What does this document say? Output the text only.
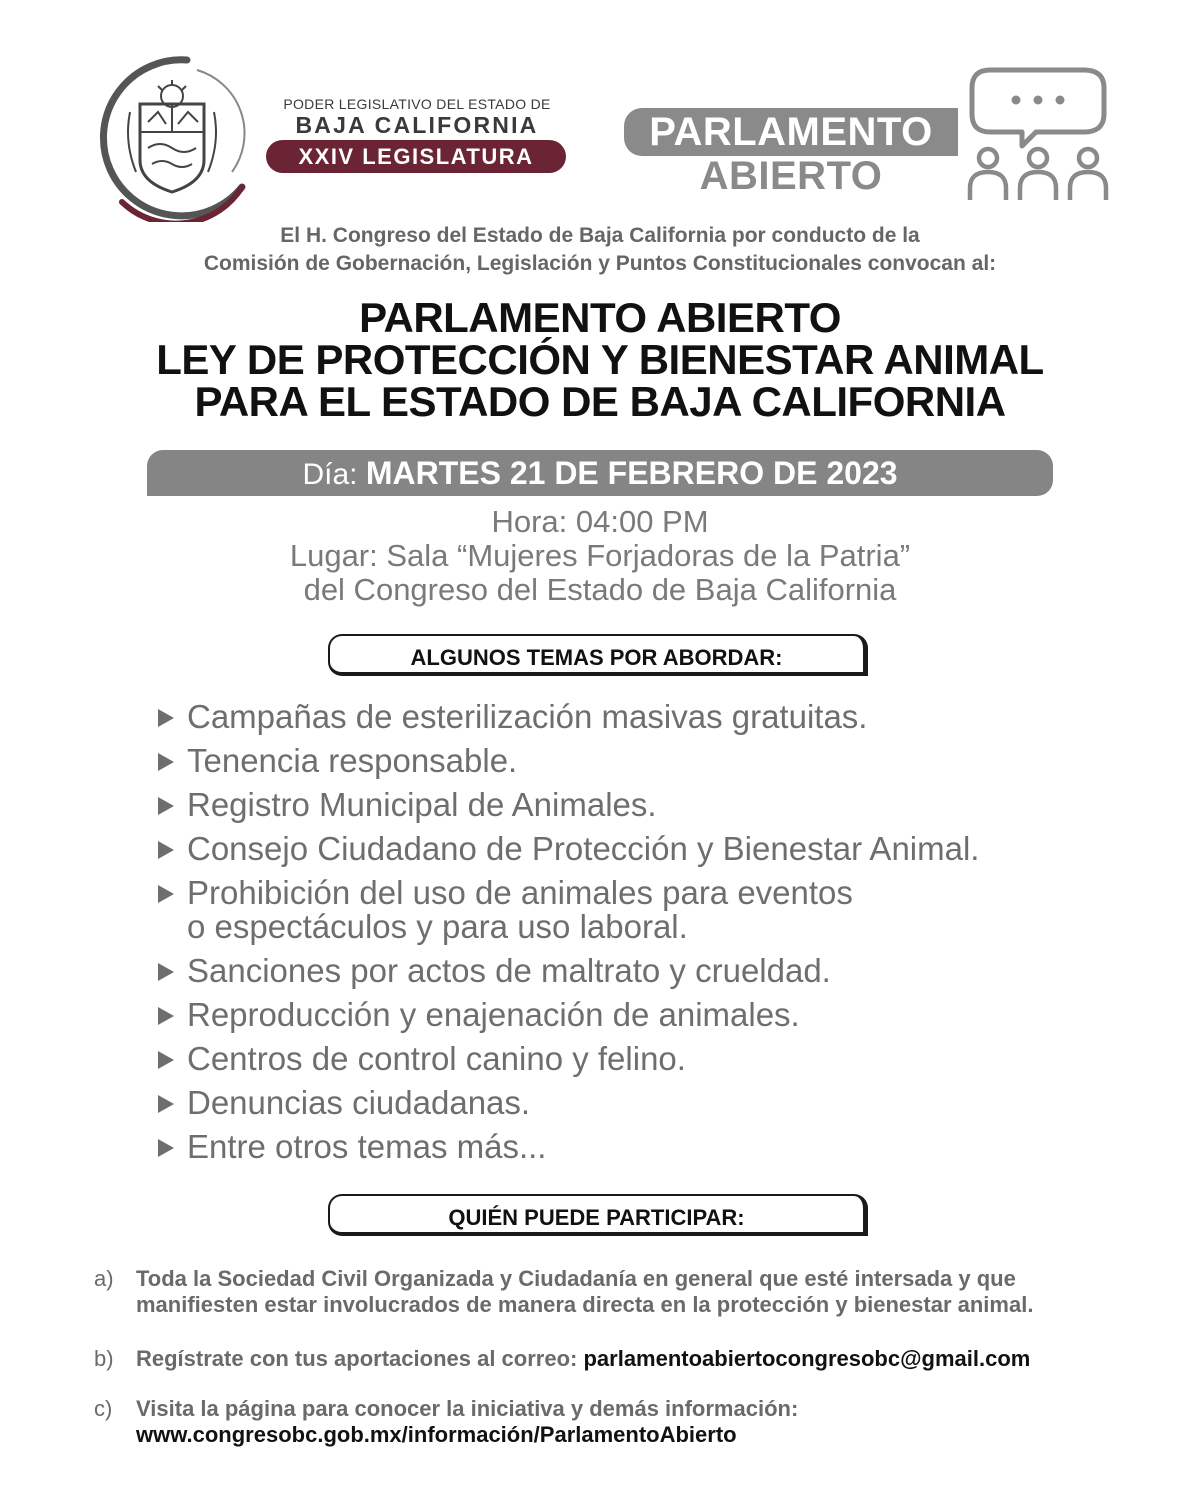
PODER LEGISLATIVO DEL ESTADO DE
BAJA CALIFORNIA
XXIV LEGISLATURA
PARLAMENTO
ABIERTO
El H. Congreso del Estado de Baja California por conducto de la
Comisión de Gobernación, Legislación y Puntos Constitucionales convocan al:
PARLAMENTO ABIERTO
LEY DE PROTECCIÓN Y BIENESTAR ANIMAL
PARA EL ESTADO DE BAJA CALIFORNIA
Día: MARTES 21 DE FEBRERO DE 2023
Hora: 04:00 PM
Lugar: Sala “Mujeres Forjadoras de la Patria”
del Congreso del Estado de Baja California
ALGUNOS TEMAS POR ABORDAR:
Campañas de esterilización masivas gratuitas.
Tenencia responsable.
Registro Municipal de Animales.
Consejo Ciudadano de Protección y Bienestar Animal.
Prohibición del uso de animales para eventos
o espectáculos y para uso laboral.
Sanciones por actos de maltrato y crueldad.
Reproducción y enajenación de animales.
Centros de control canino y felino.
Denuncias ciudadanas.
Entre otros temas más...
QUIÉN PUEDE PARTICIPAR:
a)	Toda la Sociedad Civil Organizada y Ciudadanía en general que esté intersada y que
manifiesten estar involucrados de manera directa en la protección y bienestar animal.
b)	Regístrate con tus aportaciones al correo: parlamentoabiertocongresobc@gmail.com
c)	Visita la página para conocer la iniciativa y demás información:
www.congresobc.gob.mx/información/ParlamentoAbierto
